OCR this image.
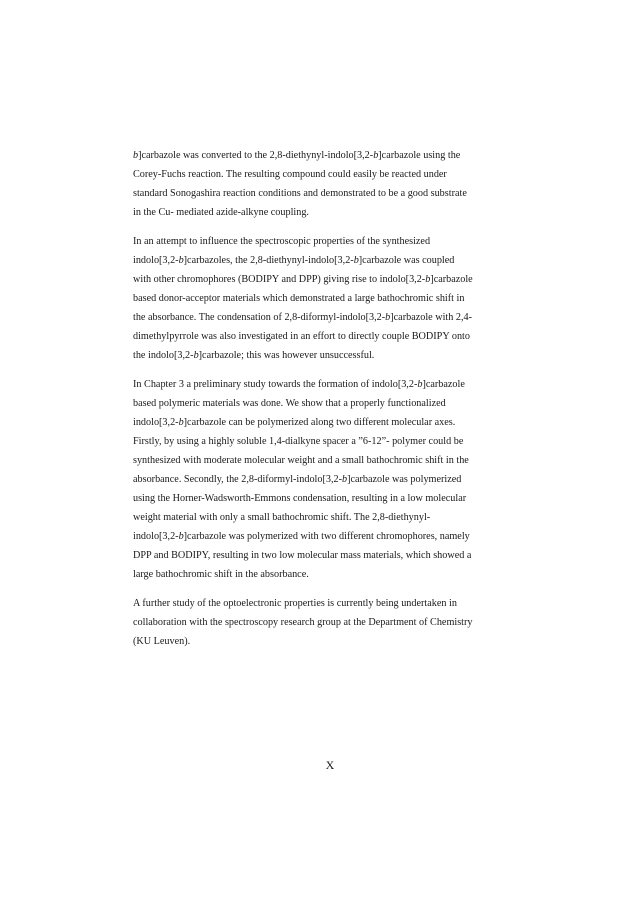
b]carbazole was converted to the 2,8-diethynyl-indolo[3,2-b]carbazole using the
Corey-Fuchs reaction. The resulting compound could easily be reacted under
standard Sonogashira reaction conditions and demonstrated to be a good substrate
in the Cu- mediated azide-alkyne coupling.

In an attempt to influence the spectroscopic properties of the synthesized
indolo[3,2-b]carbazoles, the 2,8-diethynyl-indolo[3,2-b]carbazole was coupled
with other chromophores (BODIPY and DPP) giving rise to indolo[3,2-b]carbazole
based donor-acceptor materials which demonstrated a large bathochromic shift in
the absorbance. The condensation of 2,8-diformyl-indolo[3,2-b]carbazole with 2,4-
dimethylpyrrole was also investigated in an effort to directly couple BODIPY onto
the indolo[3,2-b]carbazole; this was however unsuccessful.

In Chapter 3 a preliminary study towards the formation of indolo[3,2-b]carbazole
based polymeric materials was done. We show that a properly functionalized
indolo[3,2-b]carbazole can be polymerized along two different molecular axes.
Firstly, by using a highly soluble 1,4-dialkyne spacer a ”6-12”- polymer could be
synthesized with moderate molecular weight and a small bathochromic shift in the
absorbance. Secondly, the 2,8-diformyl-indolo[3,2-b]carbazole was polymerized
using the Horner-Wadsworth-Emmons condensation, resulting in a low molecular
weight material with only a small bathochromic shift. The 2,8-diethynyl-
indolo[3,2-b]carbazole was polymerized with two different chromophores, namely
DPP and BODIPY, resulting in two low molecular mass materials, which showed a
large bathochromic shift in the absorbance.

A further study of the optoelectronic properties is currently being undertaken in
collaboration with the spectroscopy research group at the Department of Chemistry
(KU Leuven).

X
